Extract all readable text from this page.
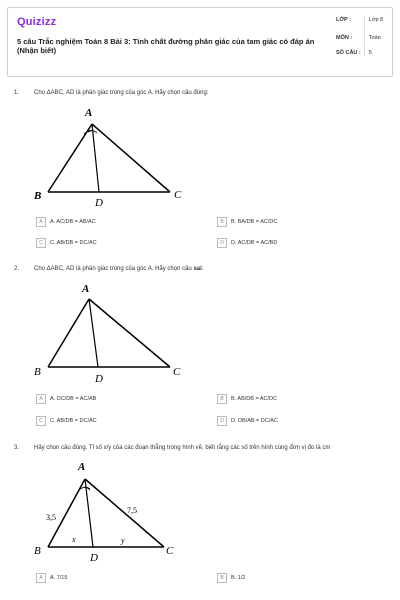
Quizizz
5 câu Trắc nghiệm Toán 8 Bài 3: Tính chất đường phân giác của tam giác có đáp án (Nhận biết)
LỚP :	Lớp 8
MÔN :	Toán
SỐ CÂU :	5
1. Cho ΔABC, AD là phân giác trong của góc A. Hãy chọn câu đúng:
A
B	C
D
A	A. AC/DB = AB/AC	B	B. BA/DB = AC/DC
C	C. AB/DB = DC/AC	D	D. AC/DB = AC/BD
2. Cho ΔABC, AD là phân giác trong của góc A. Hãy chọn câu sai:
A
B	C
D
A	A. DC/DB = AC/AB	B	B. AB/DB = AC/DC
C	C. AB/DB = DC/AC	D	D. DB/AB = DC/AC
3. Hãy chọn câu đúng. Tỉ số x/y của các đoạn thẳng trong hình vẽ, biết rằng các số trên hình cùng đơn vị đo là cm
A
B	C
D
3,5
7,5
x	y
A	A. 7/15	B	B. 1/2
